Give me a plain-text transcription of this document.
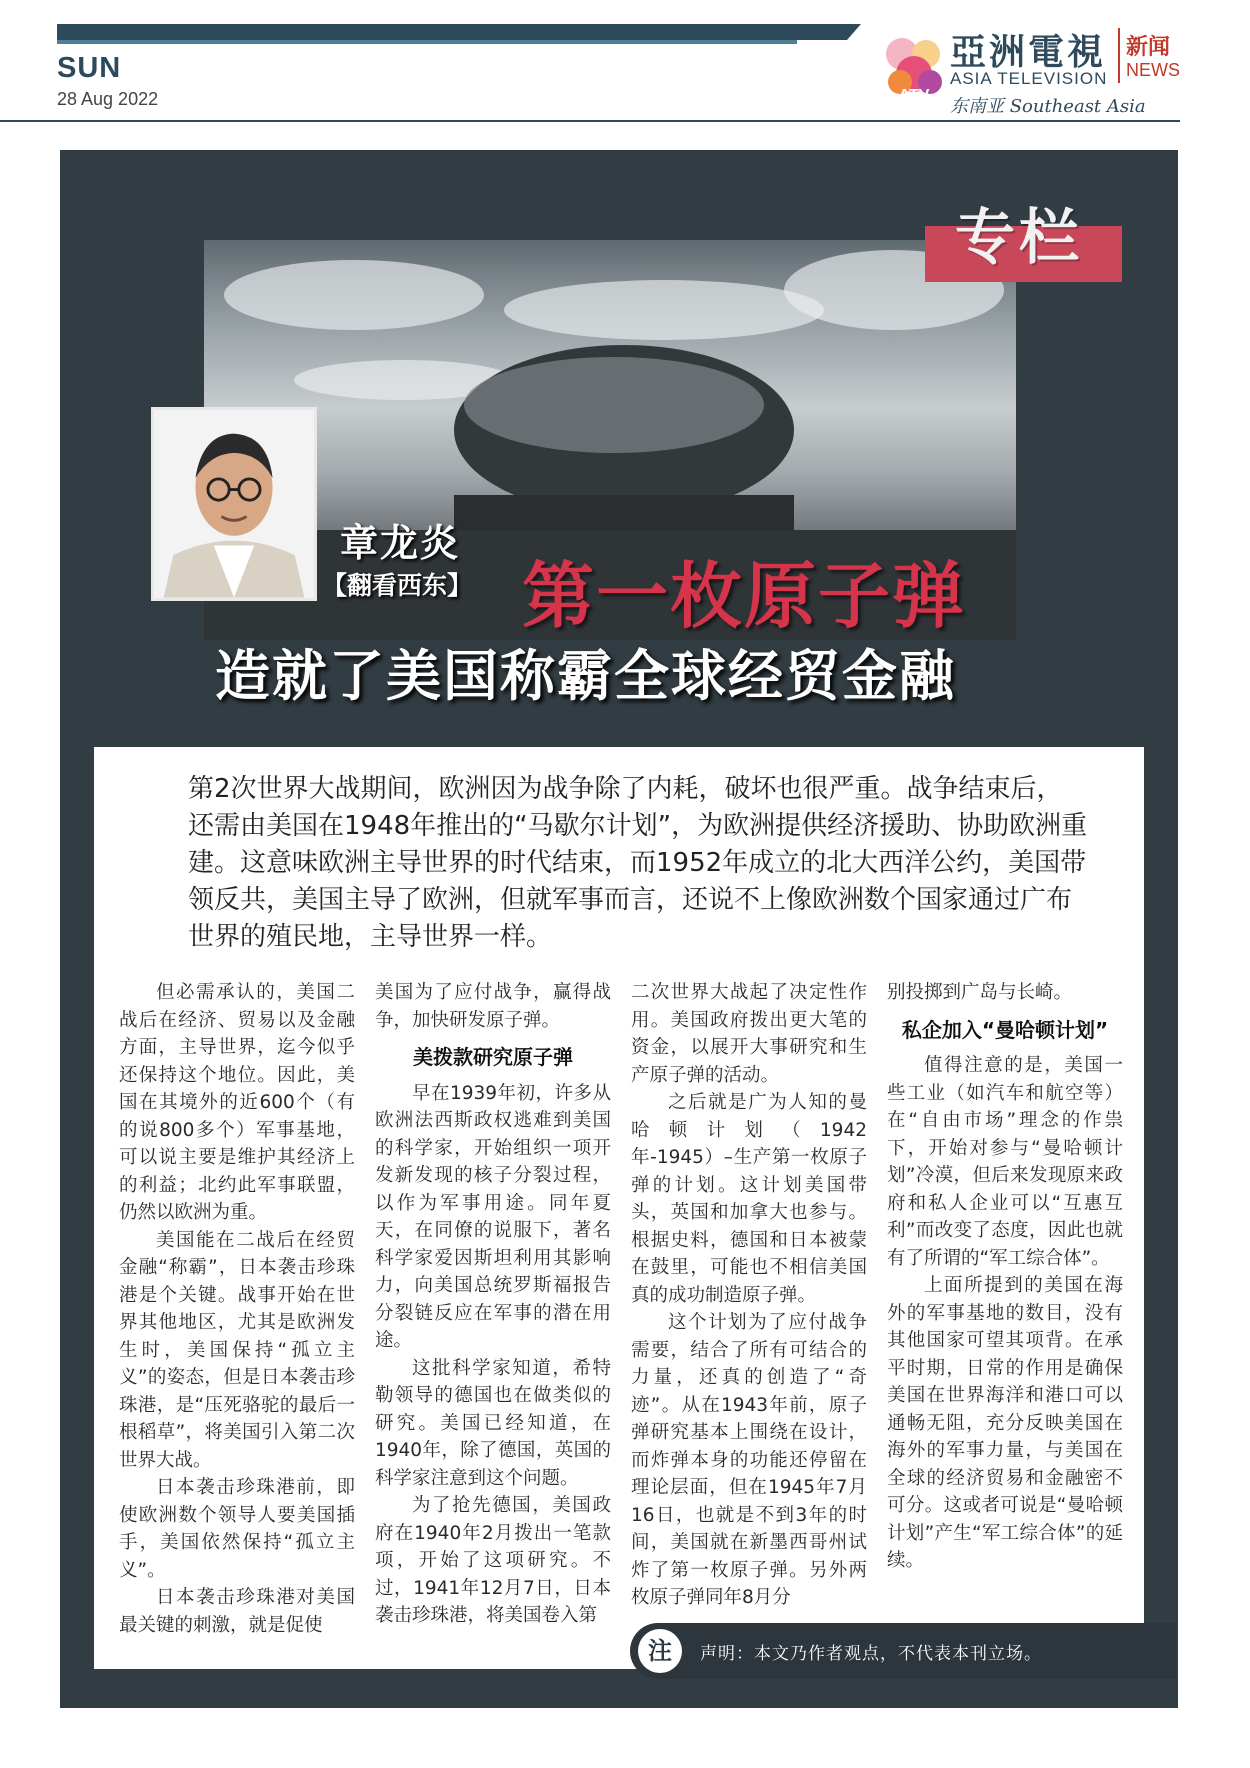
SUN
28 Aug 2022	ATV
亞洲電視
ASIA TELEVISION
东南亚 Southeast Asia
新闻
NEWS
专栏
章龙炎
【翻看西东】 第一枚原子弹
造就了美国称霸全球经贸金融
第2次世界大战期间，欧洲因为战争除了内耗，破坏也很严重。战争结束后，还需由美国在1948年推出的“马歇尔计划”，为欧洲提供经济援助、协助欧洲重建。这意味欧洲主导世界的时代结束，而1952年成立的北大西洋公约，美国带领反共，美国主导了欧洲，但就军事而言，还说不上像欧洲数个国家通过广布世界的殖民地，主导世界一样。

但必需承认的，美国二战后在经济、贸易以及金融方面，主导世界，迄今似乎还保持这个地位。因此，美国在其境外的近600个（有的说800多个）军事基地，可以说主要是维护其经济上的利益；北约此军事联盟，仍然以欧洲为重。

美国能在二战后在经贸金融“称霸”，日本袭击珍珠港是个关键。战事开始在世界其他地区，尤其是欧洲发生时，美国保持“孤立主义”的姿态，但是日本袭击珍珠港，是“压死骆驼的最后一根稻草”，将美国引入第二次世界大战。

日本袭击珍珠港前，即使欧洲数个领导人要美国插手，美国依然保持“孤立主义”。

日本袭击珍珠港对美国最关键的刺激，就是促使

美国为了应付战争，赢得战争，加快研发原子弹。

美拨款研究原子弹

早在1939年初，许多从欧洲法西斯政权逃难到美国的科学家，开始组织一项开发新发现的核子分裂过程，以作为军事用途。同年夏天，在同僚的说服下，著名科学家爱因斯坦利用其影响力，向美国总统罗斯福报告分裂链反应在军事的潜在用途。

这批科学家知道，希特勒领导的德国也在做类似的研究。美国已经知道，在1940年，除了德国，英国的科学家注意到这个问题。

为了抢先德国，美国政府在1940年2月拨出一笔款项，开始了这项研究。不过，1941年12月7日，日本袭击珍珠港，将美国卷入第

二次世界大战起了决定性作用。美国政府拨出更大笔的资金，以展开大事研究和生产原子弹的活动。

之后就是广为人知的曼哈顿计划（1942年-1945）–生产第一枚原子弹的计划。这计划美国带头，英国和加拿大也参与。根据史料，德国和日本被蒙在鼓里，可能也不相信美国真的成功制造原子弹。

这个计划为了应付战争需要，结合了所有可结合的力量，还真的创造了“奇迹”。从在1943年前，原子弹研究基本上围绕在设计，而炸弹本身的功能还停留在理论层面，但在1945年7月16日，也就是不到3年的时间，美国就在新墨西哥州试炸了第一枚原子弹。另外两枚原子弹同年8月分

别投掷到广岛与长崎。

私企加入“曼哈顿计划”

值得注意的是，美国一些工业（如汽车和航空等）在“自由市场”理念的作祟下，开始对参与“曼哈顿计划”冷漠，但后来发现原来政府和私人企业可以“互惠互利”而改变了态度，因此也就有了所谓的“军工综合体”。

上面所提到的美国在海外的军事基地的数目，没有其他国家可望其项背。在承平时期，日常的作用是确保美国在世界海洋和港口可以通畅无阻，充分反映美国在海外的军事力量，与美国在全球的经济贸易和金融密不可分。这或者可说是“曼哈顿计划”产生“军工综合体”的延续。

注	声明：本文乃作者观点，不代表本刊立场。
